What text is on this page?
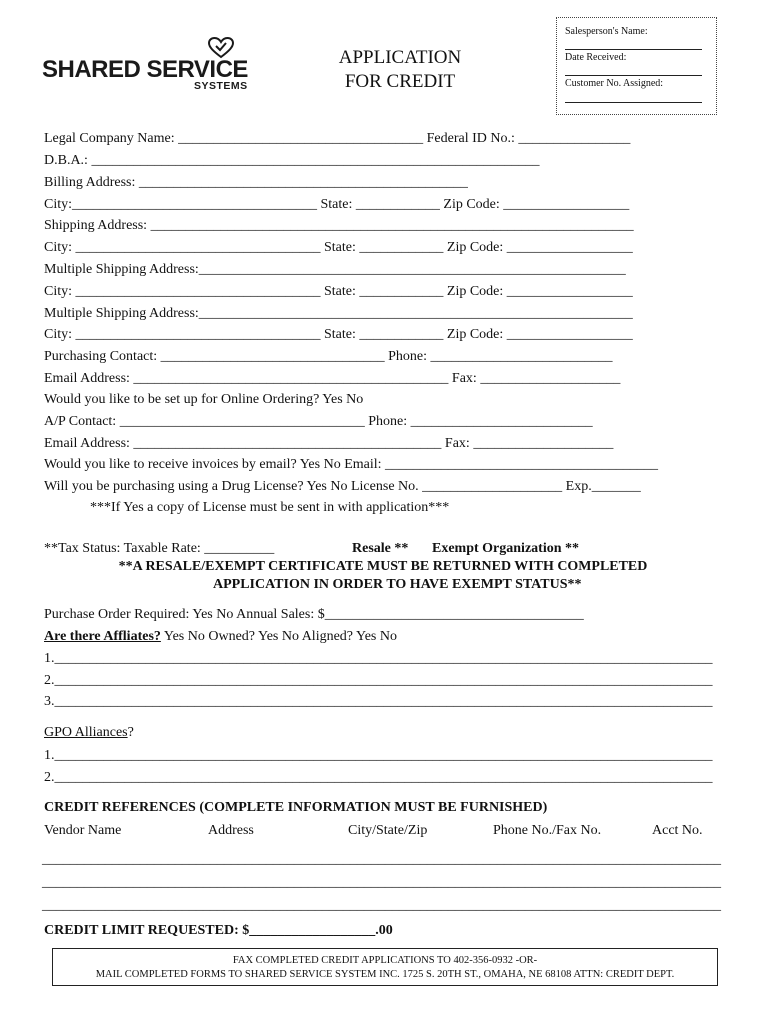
SHARED SERVICE
SYSTEMS
APPLICATION
FOR CREDIT
Salesperson's Name:
Date Received:
Customer No. Assigned:
Legal Company Name: ___________________________________ Federal ID No.: ________________
D.B.A.: ________________________________________________________________
Billing Address: _______________________________________________
City:___________________________________ State: ____________ Zip Code: __________________
Shipping Address: _____________________________________________________________________
City: ___________________________________ State: ____________ Zip Code: __________________
Multiple Shipping Address:_____________________________________________________________
City: ___________________________________ State: ____________ Zip Code: __________________
Multiple Shipping Address:______________________________________________________________
City: ___________________________________ State: ____________ Zip Code: __________________
Purchasing Contact: ________________________________ Phone: __________________________
Email Address: _____________________________________________ Fax: ____________________
Would you like to be set up for Online Ordering? Yes No
A/P Contact: ___________________________________ Phone: __________________________
Email Address: ____________________________________________ Fax: ____________________
Would you like to receive invoices by email? Yes No Email: _______________________________________
Will you be purchasing using a Drug License? Yes No License No. ____________________ Exp._______
***If Yes a copy of License must be sent in with application***
**Tax Status: Taxable Rate: __________	Resale ** Exempt Organization **
**A RESALE/EXEMPT CERTIFICATE MUST BE RETURNED WITH COMPLETED
APPLICATION IN ORDER TO HAVE EXEMPT STATUS**
Purchase Order Required: Yes No Annual Sales: $_____________________________________
Are there Affliates? Yes No Owned? Yes No Aligned? Yes No
1.______________________________________________________________________________________________
2.______________________________________________________________________________________________
3.______________________________________________________________________________________________
GPO Alliances?
1.______________________________________________________________________________________________
2.______________________________________________________________________________________________
CREDIT REFERENCES (COMPLETE INFORMATION MUST BE FURNISHED)
Vendor Name	Address	City/State/Zip	Phone No./Fax No.	Acct No.
_________________________________________________________________________________________________
_________________________________________________________________________________________________
_________________________________________________________________________________________________
CREDIT LIMIT REQUESTED: $__________________.00
FAX COMPLETED CREDIT APPLICATIONS TO 402-356-0932 -OR-
MAIL COMPLETED FORMS TO SHARED SERVICE SYSTEM INC. 1725 S. 20TH ST., OMAHA, NE 68108 ATTN: CREDIT DEPT.
